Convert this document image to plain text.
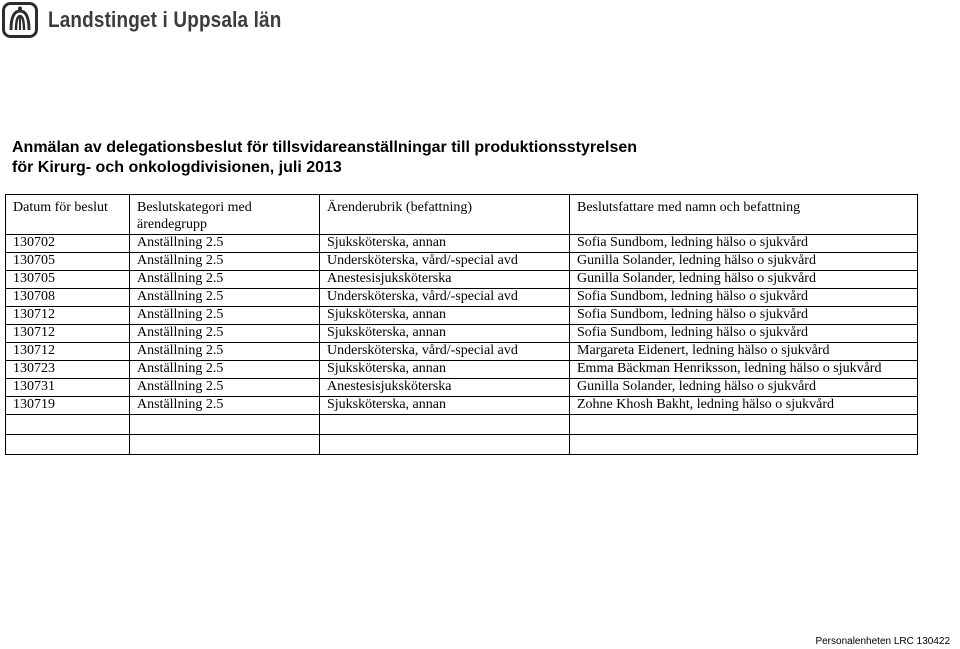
Landstinget i Uppsala län
Anmälan av delegationsbeslut för tillsvidareanställningar till produktionsstyrelsen
för Kirurg- och onkologdivisionen, juli 2013
Datum för beslut	Beslutskategori med ärendegrupp	Ärenderubrik (befattning)	Beslutsfattare med namn och befattning
130702	Anställning 2.5	Sjuksköterska, annan	Sofia Sundbom, ledning hälso o sjukvård
130705	Anställning 2.5	Undersköterska, vård/-special avd	Gunilla Solander, ledning hälso o sjukvård
130705	Anställning 2.5	Anestesisjuksköterska	Gunilla Solander, ledning hälso o sjukvård
130708	Anställning 2.5	Undersköterska, vård/-special avd	Sofia Sundbom, ledning hälso o sjukvård
130712	Anställning 2.5	Sjuksköterska, annan	Sofia Sundbom, ledning hälso o sjukvård
130712	Anställning 2.5	Sjuksköterska, annan	Sofia Sundbom, ledning hälso o sjukvård
130712	Anställning 2.5	Undersköterska, vård/-special avd	Margareta Eidenert, ledning hälso o sjukvård
130723	Anställning 2.5	Sjuksköterska, annan	Emma Bäckman Henriksson, ledning hälso o sjukvård
130731	Anställning 2.5	Anestesisjuksköterska	Gunilla Solander, ledning hälso o sjukvård
130719	Anställning 2.5	Sjuksköterska, annan	Zohne Khosh Bakht, ledning hälso o sjukvård

Personalenheten LRC 130422
